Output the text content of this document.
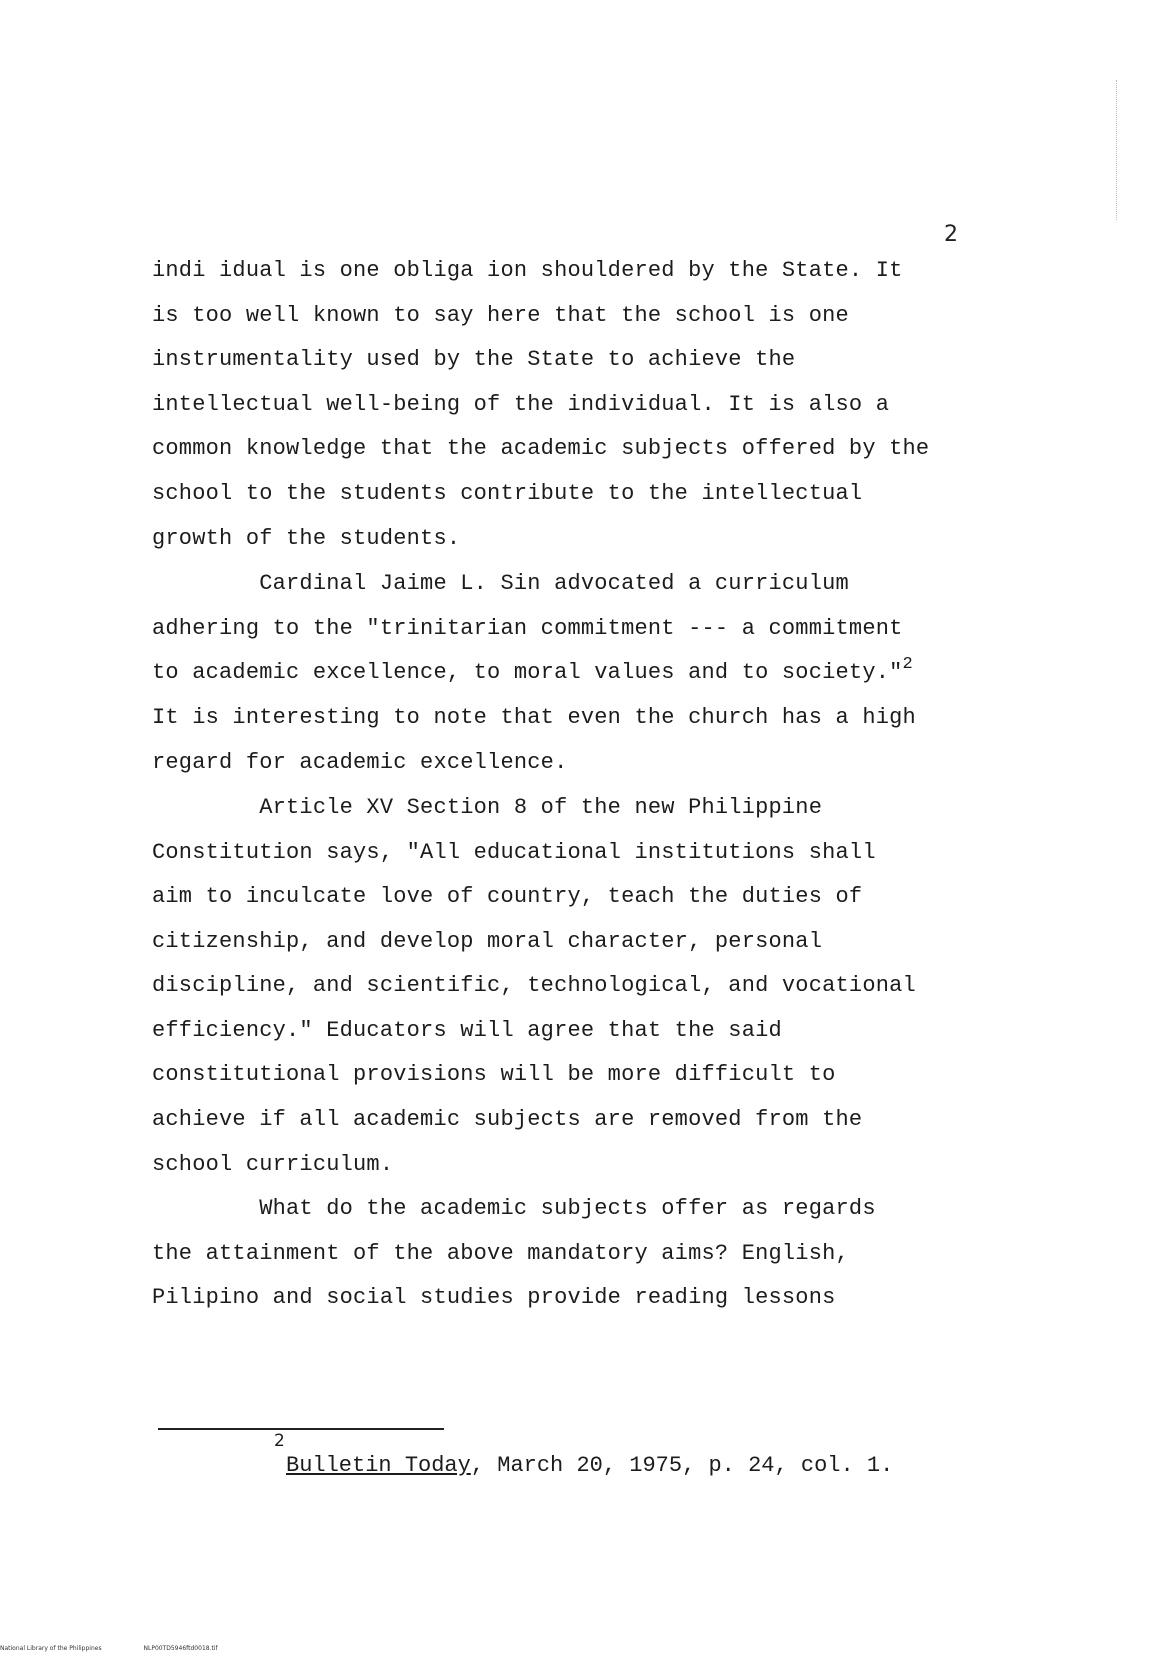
2
indi idual is one obliga ion shouldered by the State. It
is too well known to say here that the school is one
instrumentality used by the State to achieve the
intellectual well-being of the individual. It is also a
common knowledge that the academic subjects offered by the
school to the students contribute to the intellectual
growth of the students.
Cardinal Jaime L. Sin advocated a curriculum
adhering to the "trinitarian commitment --- a commitment
to academic excellence, to moral values and to society."$^2$
It is interesting to note that even the church has a high
regard for academic excellence.
Article XV Section 8 of the new Philippine
Constitution says, "All educational institutions shall
aim to inculcate love of country, teach the duties of
citizenship, and develop moral character, personal
discipline, and scientific, technological, and vocational
efficiency." Educators will agree that the said
constitutional provisions will be more difficult to
achieve if all academic subjects are removed from the
school curriculum.
What do the academic subjects offer as regards
the attainment of the above mandatory aims? English,
Pilipino and social studies provide reading lessons
2
Bulletin Today, March 20, 1975, p. 24, col. 1.
National Library of the Philippines	NLP00TD5946ftd0018.tif
